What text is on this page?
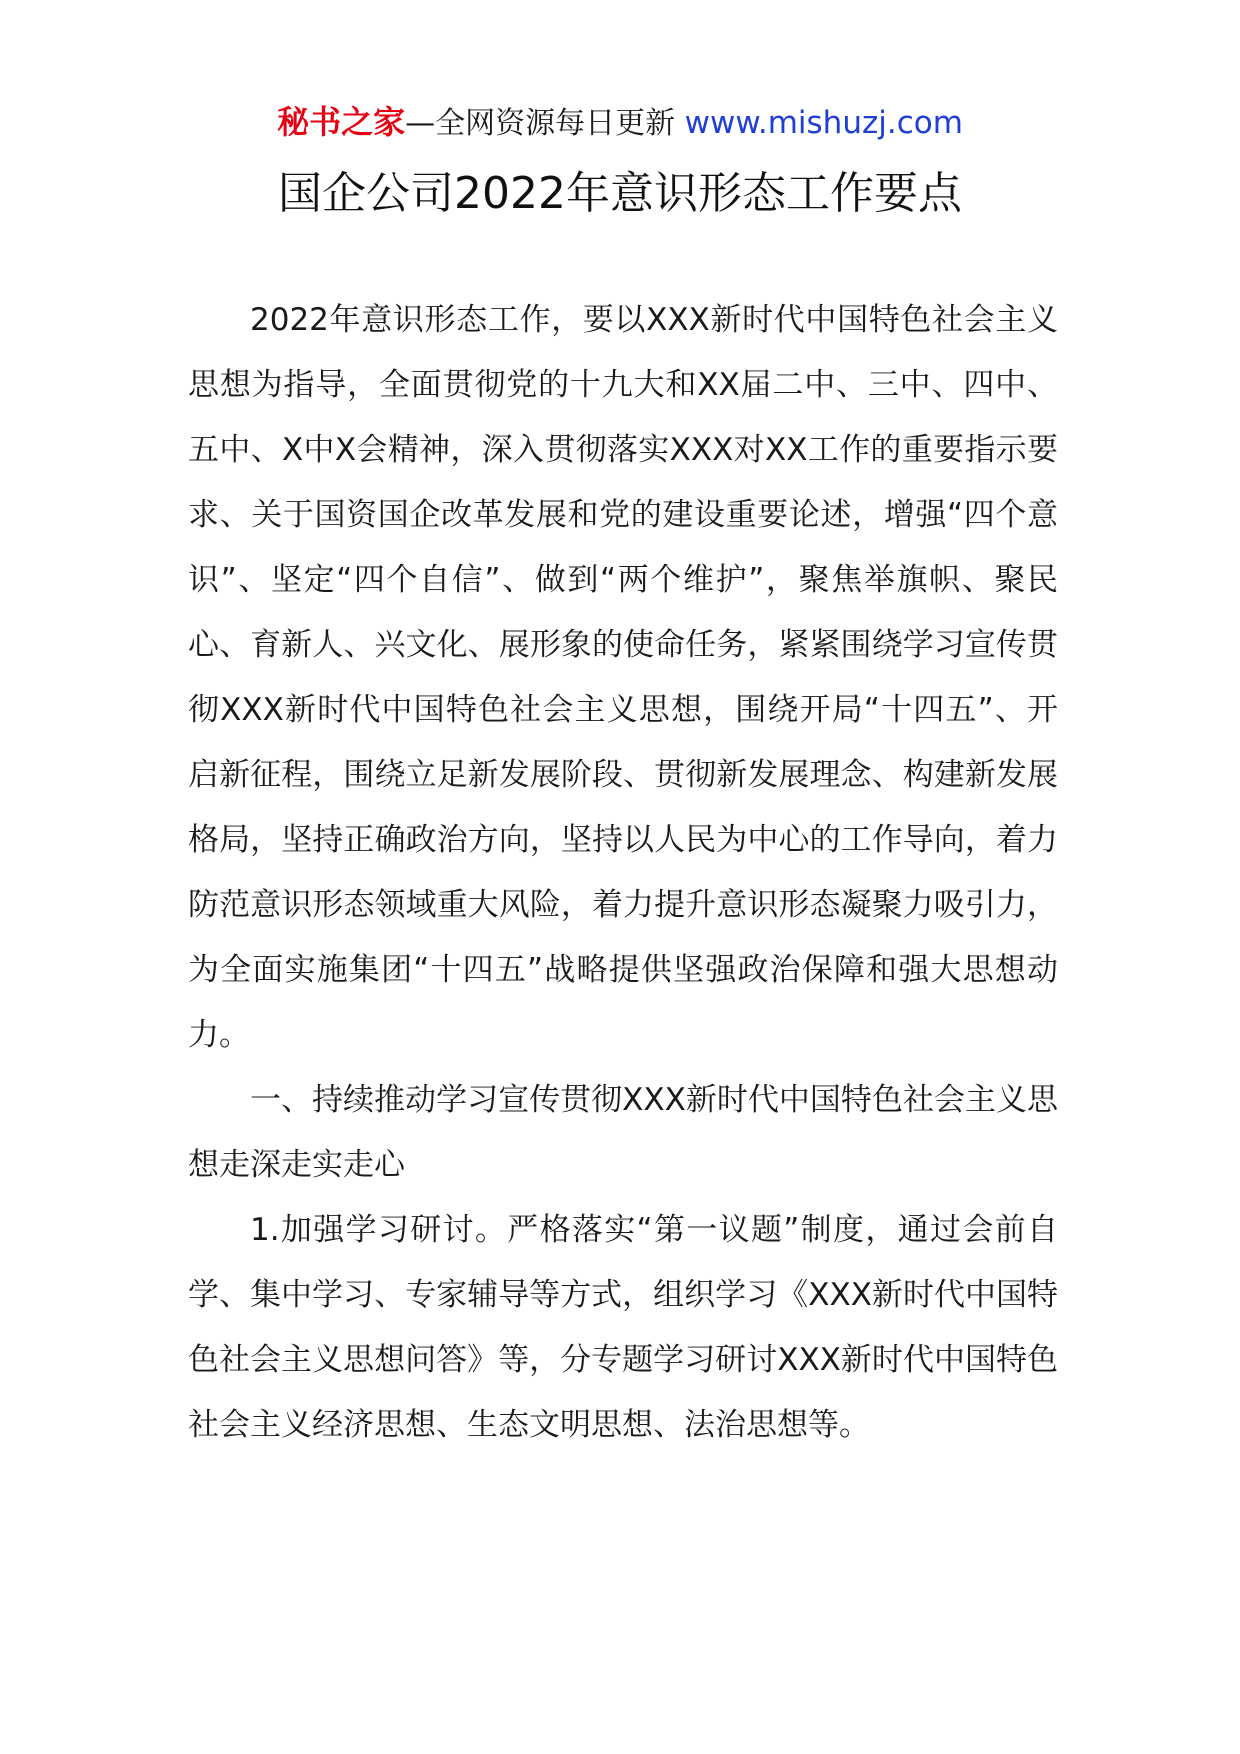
秘书之家—全网资源每日更新 www.mishuzj.com
国企公司2022年意识形态工作要点

2022年意识形态工作，要以XXX新时代中国特色社会主义思想为指导，全面贯彻党的十九大和XX届二中、三中、四中、五中、X中X会精神，深入贯彻落实XXX对XX工作的重要指示要求、关于国资国企改革发展和党的建设重要论述，增强“四个意识”、坚定“四个自信”、做到“两个维护”，聚焦举旗帜、聚民心、育新人、兴文化、展形象的使命任务，紧紧围绕学习宣传贯彻XXX新时代中国特色社会主义思想，围绕开局“十四五”、开启新征程，围绕立足新发展阶段、贯彻新发展理念、构建新发展格局，坚持正确政治方向，坚持以人民为中心的工作导向，着力防范意识形态领域重大风险，着力提升意识形态凝聚力吸引力，为全面实施集团“十四五”战略提供坚强政治保障和强大思想动力。

一、持续推动学习宣传贯彻XXX新时代中国特色社会主义思想走深走实走心

1.加强学习研讨。严格落实“第一议题”制度，通过会前自学、集中学习、专家辅导等方式，组织学习《XXX新时代中国特色社会主义思想问答》等，分专题学习研讨XXX新时代中国特色社会主义经济思想、生态文明思想、法治思想等。
